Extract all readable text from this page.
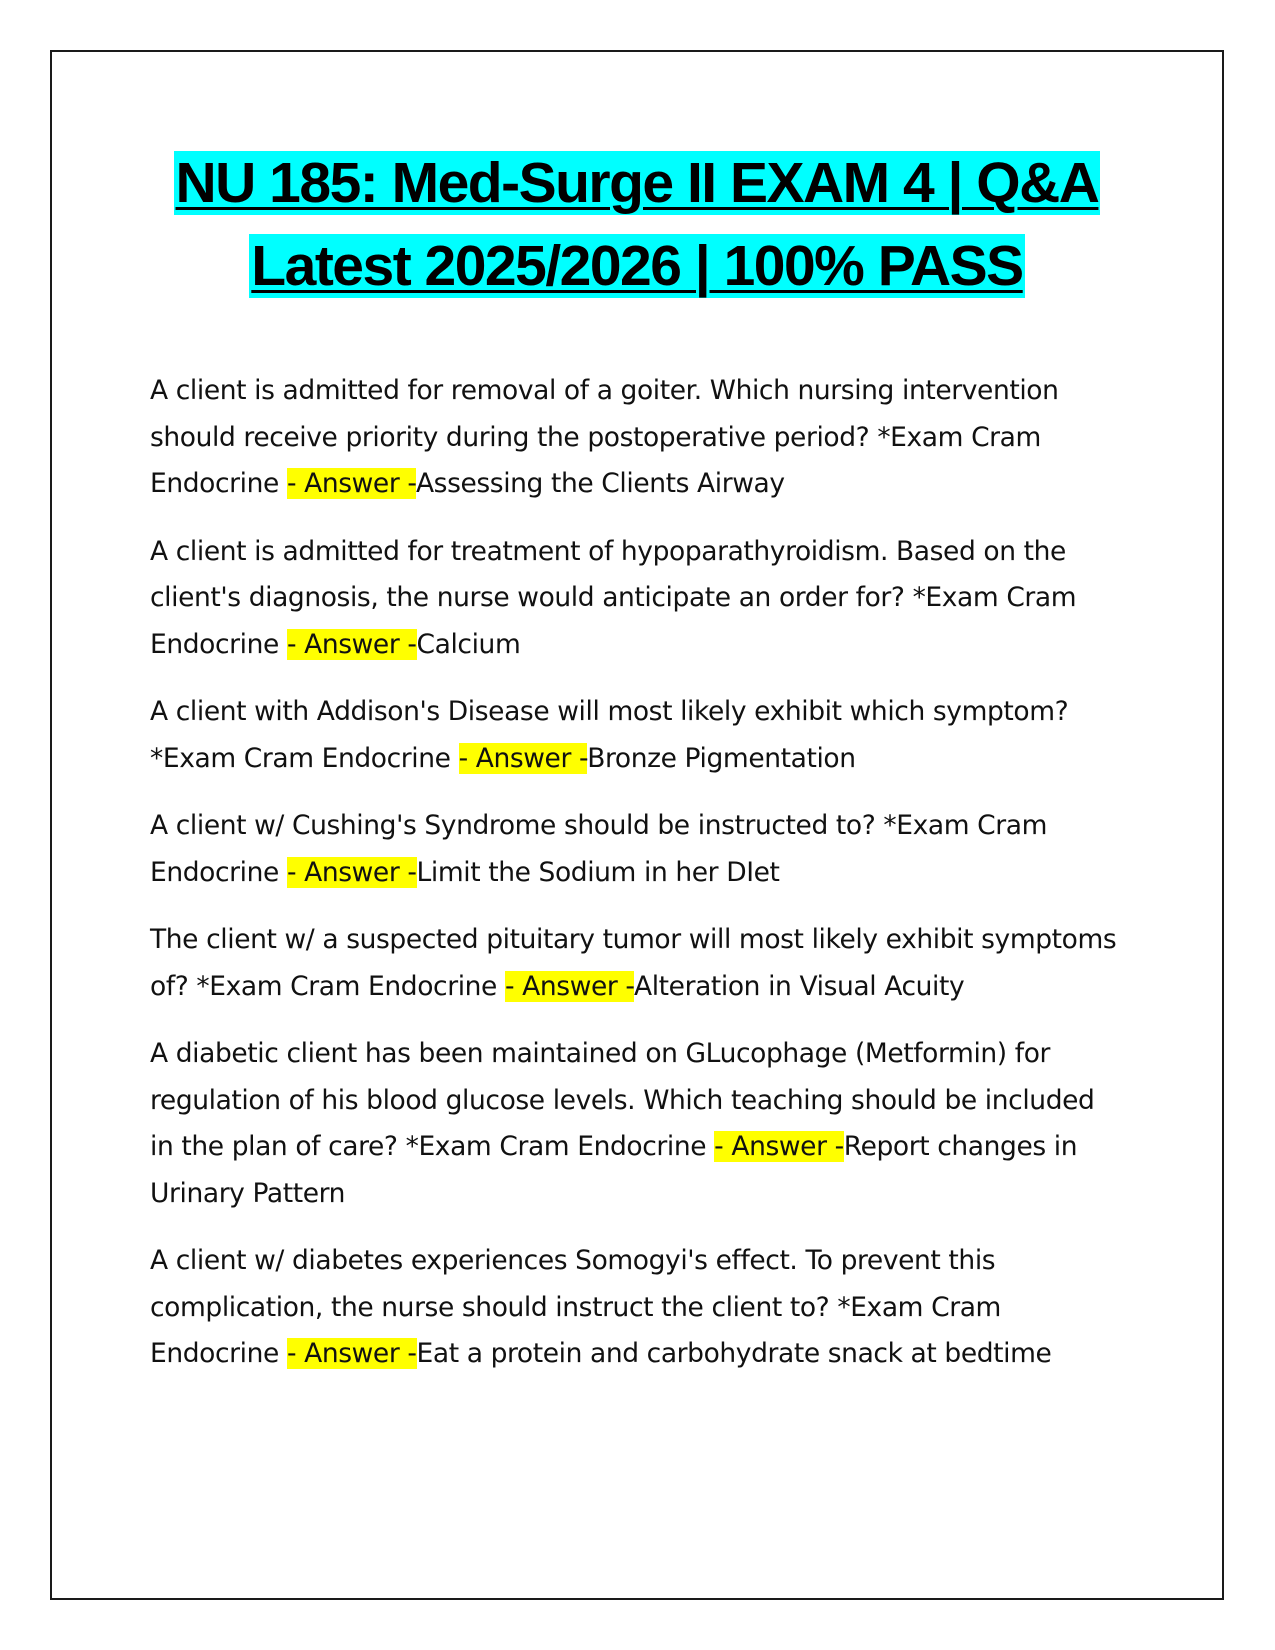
NU 185: Med-Surge II EXAM 4 | Q&A
Latest 2025/2026 | 100% PASS

A client is admitted for removal of a goiter. Which nursing intervention should receive priority during the postoperative period? *Exam Cram Endocrine - Answer -Assessing the Clients Airway

A client is admitted for treatment of hypoparathyroidism. Based on the client's diagnosis, the nurse would anticipate an order for? *Exam Cram Endocrine - Answer -Calcium

A client with Addison's Disease will most likely exhibit which symptom? *Exam Cram Endocrine - Answer -Bronze Pigmentation

A client w/ Cushing's Syndrome should be instructed to? *Exam Cram Endocrine - Answer -Limit the Sodium in her DIet

The client w/ a suspected pituitary tumor will most likely exhibit symptoms of? *Exam Cram Endocrine - Answer -Alteration in Visual Acuity

A diabetic client has been maintained on GLucophage (Metformin) for regulation of his blood glucose levels. Which teaching should be included in the plan of care? *Exam Cram Endocrine - Answer -Report changes in Urinary Pattern

A client w/ diabetes experiences Somogyi's effect. To prevent this complication, the nurse should instruct the client to? *Exam Cram Endocrine - Answer -Eat a protein and carbohydrate snack at bedtime
